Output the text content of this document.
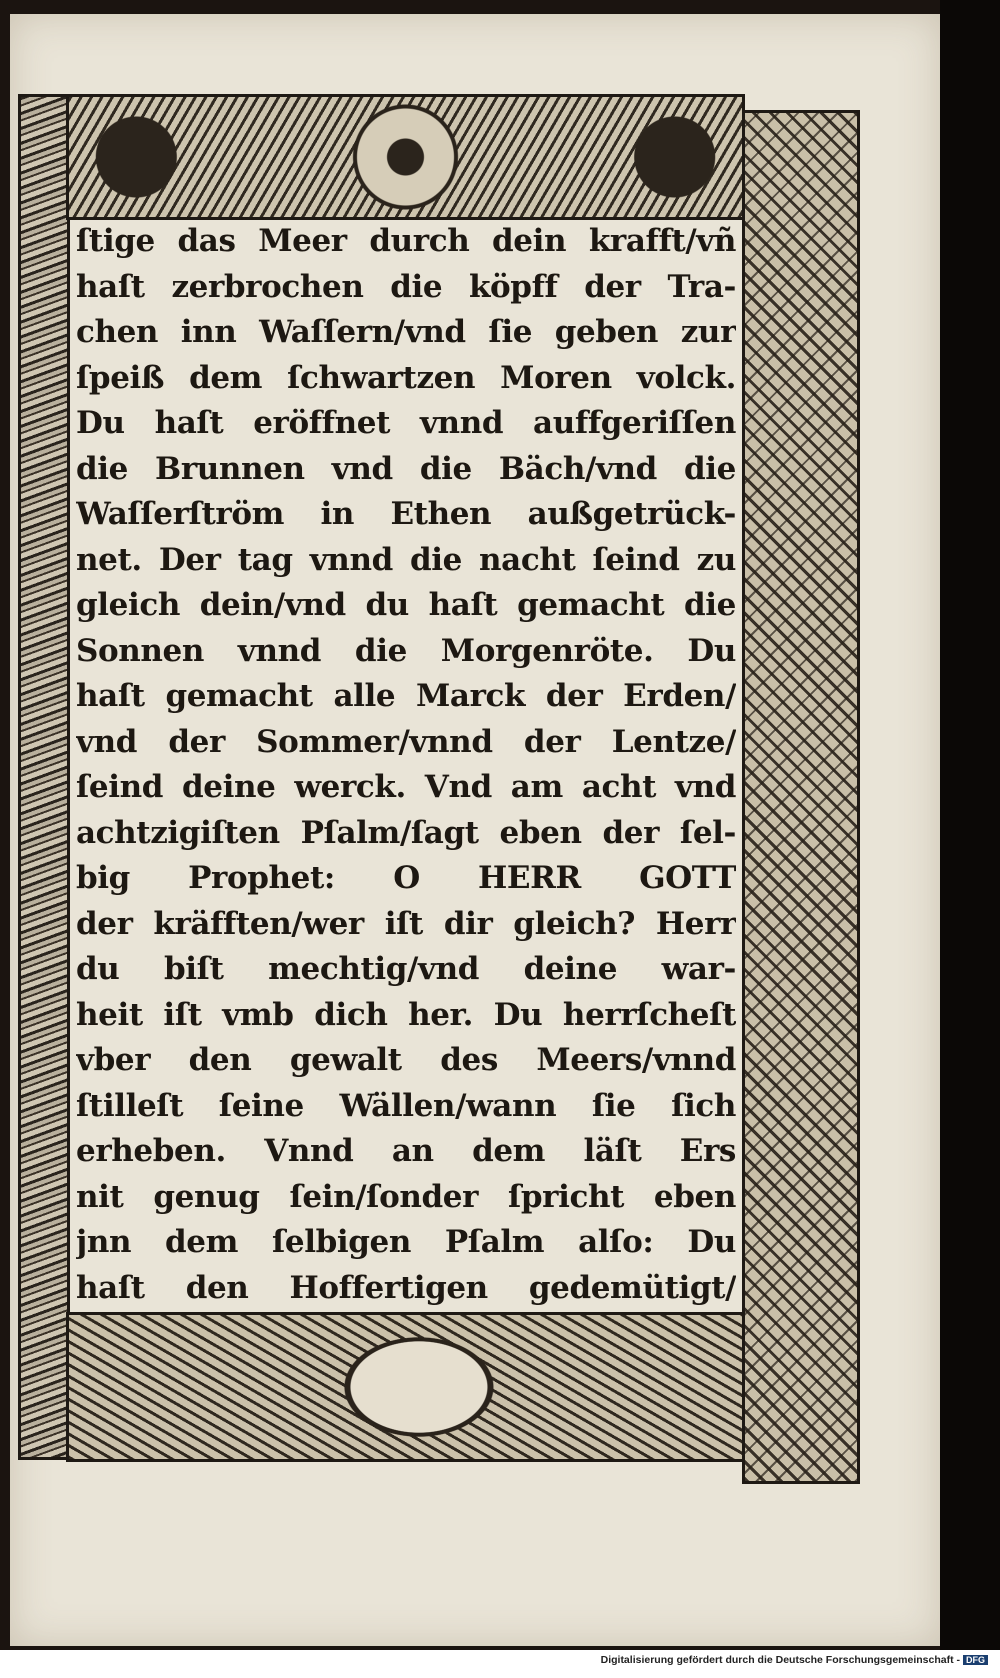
ſtige das Meer durch dein krafft/vñ
haſt zerbrochen die köpff der Tra-
chen inn Waſſern/vnd ſie geben zur
ſpeiß dem ſchwartzen Moren volck.
Du haſt eröffnet vnnd auffgeriſſen
die Brunnen vnd die Bäch/vnd die
Waſſerſtröm in Ethen außgetrück-
net. Der tag vnnd die nacht ſeind zu
gleich dein/vnd du haſt gemacht die
Sonnen vnnd die Morgenröte. Du
haſt gemacht alle Marck der Erden/
vnd der Sommer/vnnd der Lentze/
ſeind deine werck. Vnd am acht vnd
achtzigiſten Pſalm/ſagt eben der ſel-
big Prophet: O HERR GOTT
der kräfften/wer iſt dir gleich? Herr
du biſt mechtig/vnd deine war-
heit iſt vmb dich her. Du herrſcheſt
vber den gewalt des Meers/vnnd
ſtilleſt ſeine Wällen/wann ſie ſich
erheben. Vnnd an dem läſt Ers
nit genug ſein/ſonder ſpricht eben
jnn dem ſelbigen Pſalm alſo: Du
haſt den Hoffertigen gedemütigt/
Digitalisierung gefördert durch die Deutsche Forschungsgemeinschaft - DFG
